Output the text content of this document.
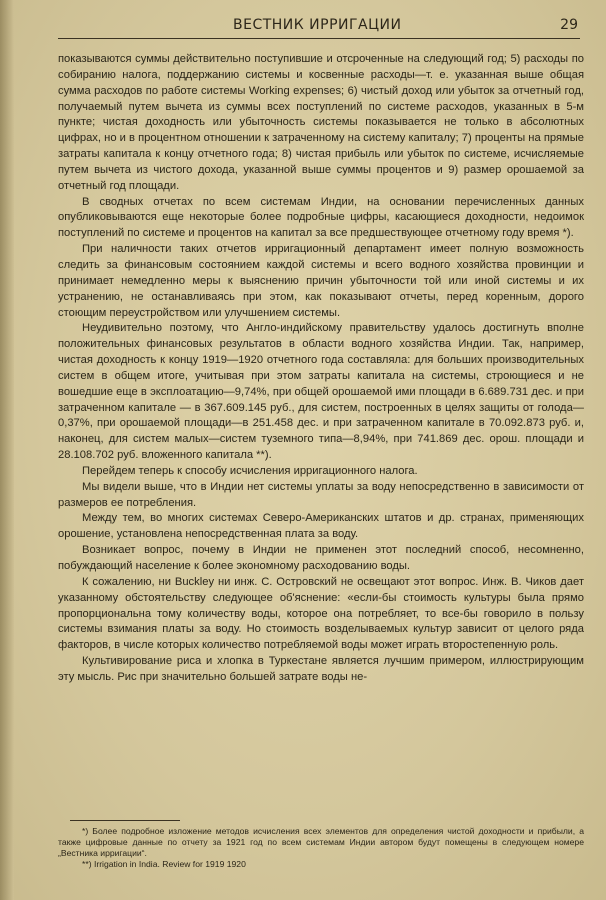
ВЕСТНИК ИРРИГАЦИИ	29

показываются суммы действительно поступившие и отсроченные на следующий год; 5) расходы по собиранию налога, поддержанию системы и косвенные расходы—т. е. указанная выше общая сумма расходов по работе системы Working expenses; 6) чистый доход или убыток за отчетный год, получаемый путем вычета из суммы всех поступлений по системе расходов, указанных в 5-м пункте; чистая доходность или убыточность системы показывается не только в абсолютных цифрах, но и в процентном отношении к затраченному на систему капиталу; 7) проценты на прямые затраты капитала к концу отчетного года; 8) чистая прибыль или убыток по системе, исчисляемые путем вычета из чистого дохода, указанной выше суммы процентов и 9) размер орошаемой за отчетный год площади.

В сводных отчетах по всем системам Индии, на основании перечисленных данных опубликовываются еще некоторые более подробные цифры, касающиеся доходности, недоимок поступлений по системе и процентов на капитал за все предшествующее отчетному году время *).

При наличности таких отчетов ирригационный департамент имеет полную возможность следить за финансовым состоянием каждой системы и всего водного хозяйства провинции и принимает немедленно меры к выяснению причин убыточности той или иной системы и их устранению, не останавливаясь при этом, как показывают отчеты, перед коренным, дорого стоющим переустройством или улучшением системы.

Неудивительно поэтому, что Англо-индийскому правительству удалось достигнуть вполне положительных финансовых результатов в области водного хозяйства Индии. Так, например, чистая доходность к концу 1919—1920 отчетного года составляла: для больших производительных систем в общем итоге, учитывая при этом затраты капитала на системы, строющиеся и не вошедшие еще в эксплоатацию—9,74%, при общей орошаемой ими площади в 6.689.731 дес. и при затраченном капитале — в 367.609.145 руб., для систем, построенных в целях защиты от голода—0,37%, при орошаемой площади—в 251.458 дес. и при затраченном капитале в 70.092.873 руб. и, наконец, для систем малых—систем туземного типа—8,94%, при 741.869 дес. орош. площади и 28.108.702 руб. вложенного капитала **).

Перейдем теперь к способу исчисления ирригационного налога.

Мы видели выше, что в Индии нет системы уплаты за воду непосредственно в зависимости от размеров ее потребления.

Между тем, во многих системах Северо-Американских штатов и др. странах, применяющих орошение, установлена непосредственная плата за воду.

Возникает вопрос, почему в Индии не применен этот последний способ, несомненно, побуждающий население к более экономному расходованию воды.

К сожалению, ни Buckley ни инж. С. Островский не освещают этот вопрос. Инж. В. Чиков дает указанному обстоятельству следующее об'яснение: «если-бы стоимость культуры была прямо пропорциональна тому количеству воды, которое она потребляет, то все-бы говорило в пользу системы взимания платы за воду. Но стоимость возделываемых культур зависит от целого ряда факторов, в числе которых количество потребляемой воды может играть второстепенную роль.

Культивирование риса и хлопка в Туркестане является лучшим примером, иллюстрирующим эту мысль. Рис при значительно большей затрате воды не-

*) Более подробное изложение методов исчисления всех элементов для определения чистой доходности и прибыли, а также цифровые данные по отчету за 1921 год по всем системам Индии автором будут помещены в следующем номере „Вестника ирригации“.

**) Irrigation in India. Review for 1919 1920
